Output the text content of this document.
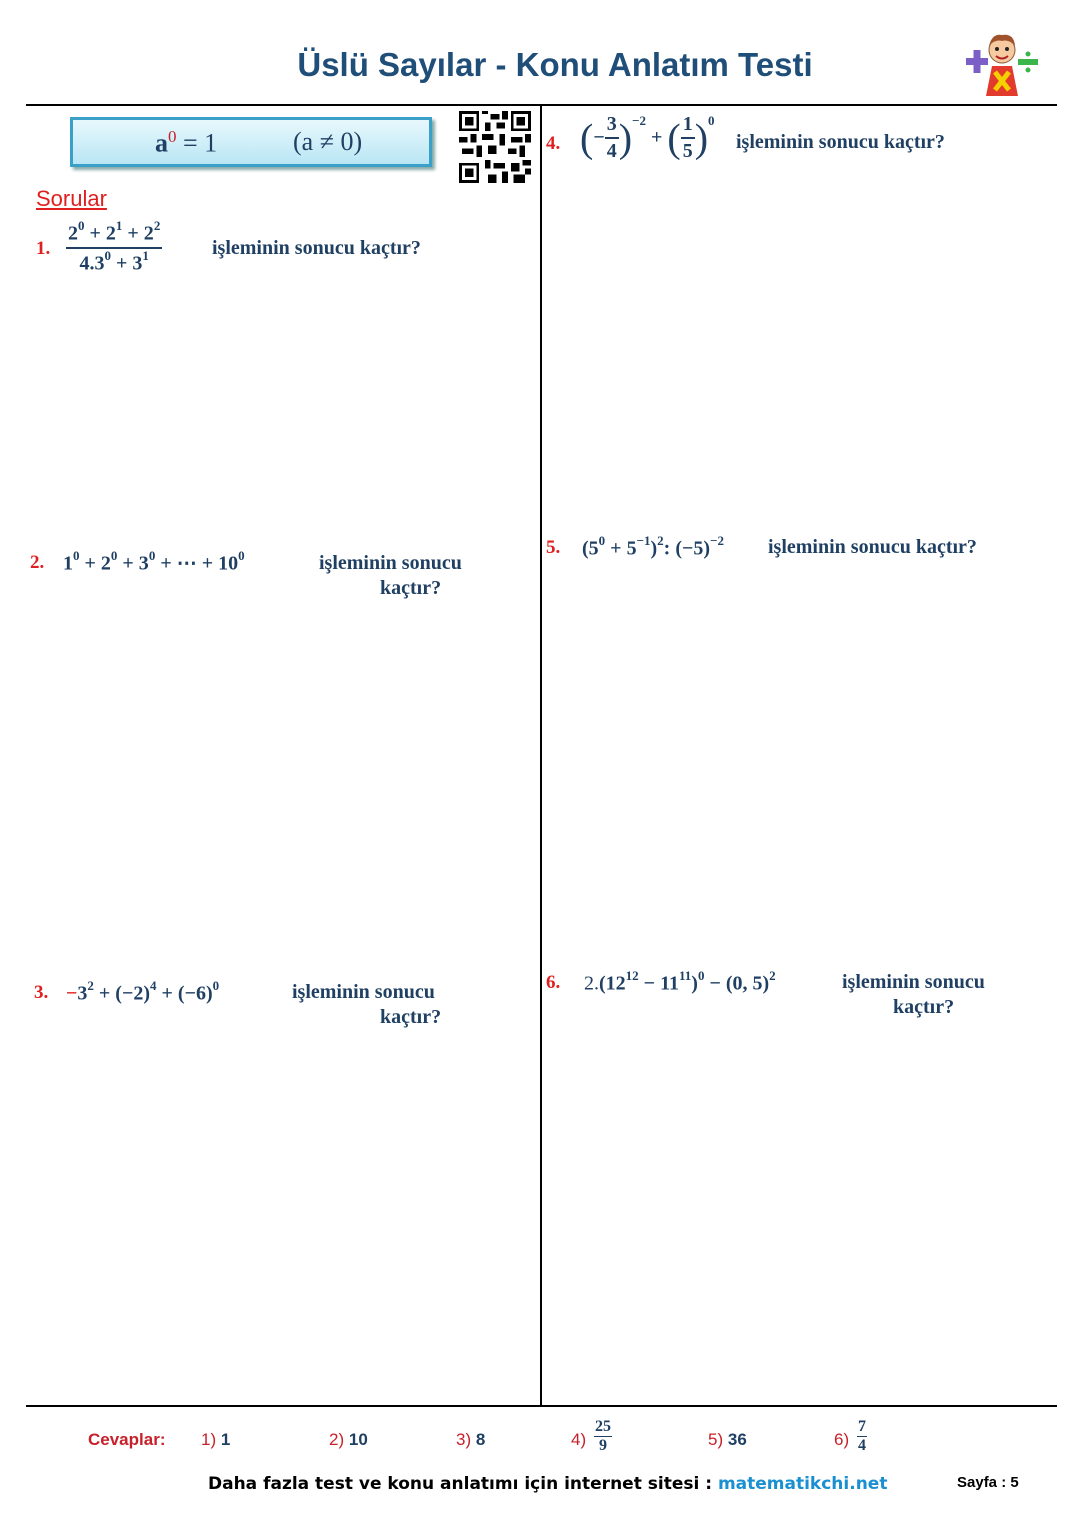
Üslü Sayılar - Konu Anlatım Testi
$a^0 = 1$	(a ≠ 0)
Sorular
1. $\frac{2^0 + 2^1 + 2^2}{4.3^0 + 3^1}$ işleminin sonucu kaçtır?
2. $1^0 + 2^0 + 3^0$ + ⋯ + $10^0$	işleminin sonucu
kaçtır?
3. $-3^2 + (-2)^4 + (-6)^0$	işleminin sonucu
kaçtır?
4. (− $\frac{3}{4} )^{-2}$ + ( $\frac{1}{5} )^0$
işleminin sonucu kaçtır?
5. $(5^0 + 5^{-1})^2$: $(-5)^{-2}$ işleminin sonucu kaçtır?
6. $2.(12^{12} - 11^{11})^0 - (0$, 5)$^2$	işleminin sonucu
kaçtır?
Cevaplar: 1) 1	2) 10	3) 8	4)
25
9	5) 36	6)
7
4
Daha fazla test ve konu anlatımı için internet sitesi : matematikchi.net	Sayfa : 5
